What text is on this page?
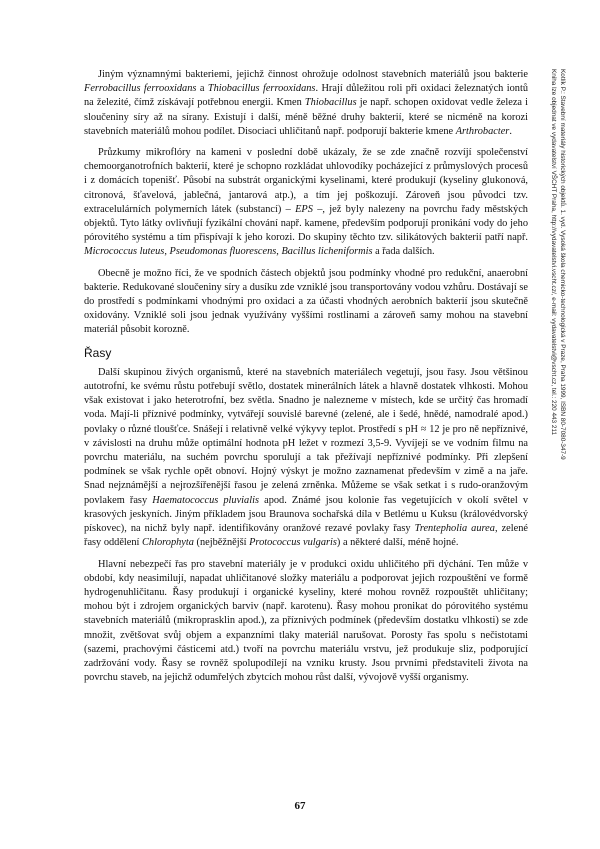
Jiným významnými bakteriemi, jejichž činnost ohrožuje odolnost stavebních materiálů jsou bakterie Ferrobacillus ferrooxidans a Thiobacillus ferrooxidans. Hrají důležitou roli při oxidaci železnatých iontů na železité, čímž získávají potřebnou energii. Kmen Thiobacillus je např. schopen oxidovat vedle železa i sloučeniny síry až na sírany. Existují i další, méně běžné druhy bakterií, které se nicméně na korozi stavebních materiálů mohou podílet. Disociaci uhličitanů např. podporují bakterie kmene Arthrobacter.

Průzkumy mikroflóry na kameni v poslední době ukázaly, že se zde značně rozvíjí společenství chemoorganotrofních bakterií, které je schopno rozkládat uhlovodíky pocházející z průmyslových procesů i z domácích topenišť. Působí na substrát organickými kyselinami, které produkují (kyseliny glukonová, citronová, šťavelová, jablečná, jantarová atp.), a tím jej poškozují. Zároveň jsou původci tzv. extracelulárních polymerních látek (substancí) – EPS –, jež byly nalezeny na povrchu řady městských objektů. Tyto látky ovlivňují fyzikální chování např. kamene, především podporují pronikání vody do jeho pórovitého systému a tím přispívají k jeho korozi. Do skupiny těchto tzv. silikátových bakterií patří např. Micrococcus luteus, Pseudomonas fluorescens, Bacillus licheniformis a řada dalších.

Obecně je možno říci, že ve spodních částech objektů jsou podmínky vhodné pro redukční, anaerobní bakterie. Redukované sloučeniny síry a dusíku zde vzniklé jsou transportovány vodou vzhůru. Dostávají se do prostředí s podmínkami vhodnými pro oxidaci a za účasti vhodných aerobních bakterií jsou skutečně oxidovány. Vzniklé soli jsou jednak využívány vyššími rostlinami a zároveň samy mohou na stavební materiál působit korozně.

Řasy

Další skupinou živých organismů, které na stavebních materiálech vegetují, jsou řasy. Jsou většinou autotrofní, ke svému růstu potřebují světlo, dostatek minerálních látek a hlavně dostatek vlhkosti. Mohou však existovat i jako heterotrofní, bez světla. Snadno je nalezneme v místech, kde se určitý čas hromadí voda. Mají-li příznivé podmínky, vytvářejí souvislé barevné (zelené, ale i šedé, hnědé, namodralé apod.) povlaky o různé tloušťce. Snášejí i relativně velké výkyvy teplot. Prostředí s pH ≈ 12 je pro ně nepříznivé, v závislosti na druhu může optimální hodnota pH ležet v rozmezí 3,5-9. Vyvíjejí se ve vodním filmu na povrchu materiálu, na suchém povrchu sporulují a tak přežívají nepříznivé podmínky. Při zlepšení podmínek se však rychle opět obnoví. Hojný výskyt je možno zaznamenat především v zimě a na jaře. Snad nejznámější a nejrozšířenější řasou je zelená zrněnka. Můžeme se však setkat i s rudo-oranžovým povlakem řasy Haematococcus pluvialis apod. Známé jsou kolonie řas vegetujících v okolí světel v krasových jeskyních. Jiným příkladem jsou Braunova sochařská díla v Betlému u Kuksu (královédvorský pískovec), na nichž byly např. identifikovány oranžové rezavé povlaky řasy Trentepholia aurea, zelené řasy oddělení Chlorophyta (nejběžnější Protococcus vulgaris) a některé další, méně hojné.

Hlavní nebezpečí řas pro stavební materiály je v produkci oxidu uhličitého při dýchání. Ten může v období, kdy neasimilují, napadat uhličitanové složky materiálu a podporovat jejich rozpouštění ve formě hydrogenuhličitanu. Řasy produkují i organické kyseliny, které mohou rovněž rozpouštět uhličitany; mohou být i zdrojem organických barviv (např. karotenu). Řasy mohou pronikat do pórovitého systému stavebních materiálů (mikroprasklin apod.), za příznivých podmínek (především dostatku vlhkosti) se zde množit, zvětšovat svůj objem a expanzními tlaky materiál narušovat. Porosty řas spolu s nečistotami (sazemi, prachovými částicemi atd.) tvoří na povrchu materiálu vrstvu, jež produkuje sliz, podporující zadržování vody. Řasy se rovněž spolupodílejí na vzniku krusty. Jsou prvními představiteli života na povrchu staveb, na jejichž odumřelých zbytcích mohou růst další, vývojově vyšší organismy.

Kotlík P.: Stavební materiály historických objektů. 1. vyd. Vysoká škola chemicko-technologická v Praze, Praha 1999, ISBN 80-7080-347-9
Kniha lze objednat ve vydavatelství VŠCHT Praha, http://vydavatelstvi.vscht.cz/, e-mail: vydavatelstvi@vscht.cz, tel.: 220 443 211
67
